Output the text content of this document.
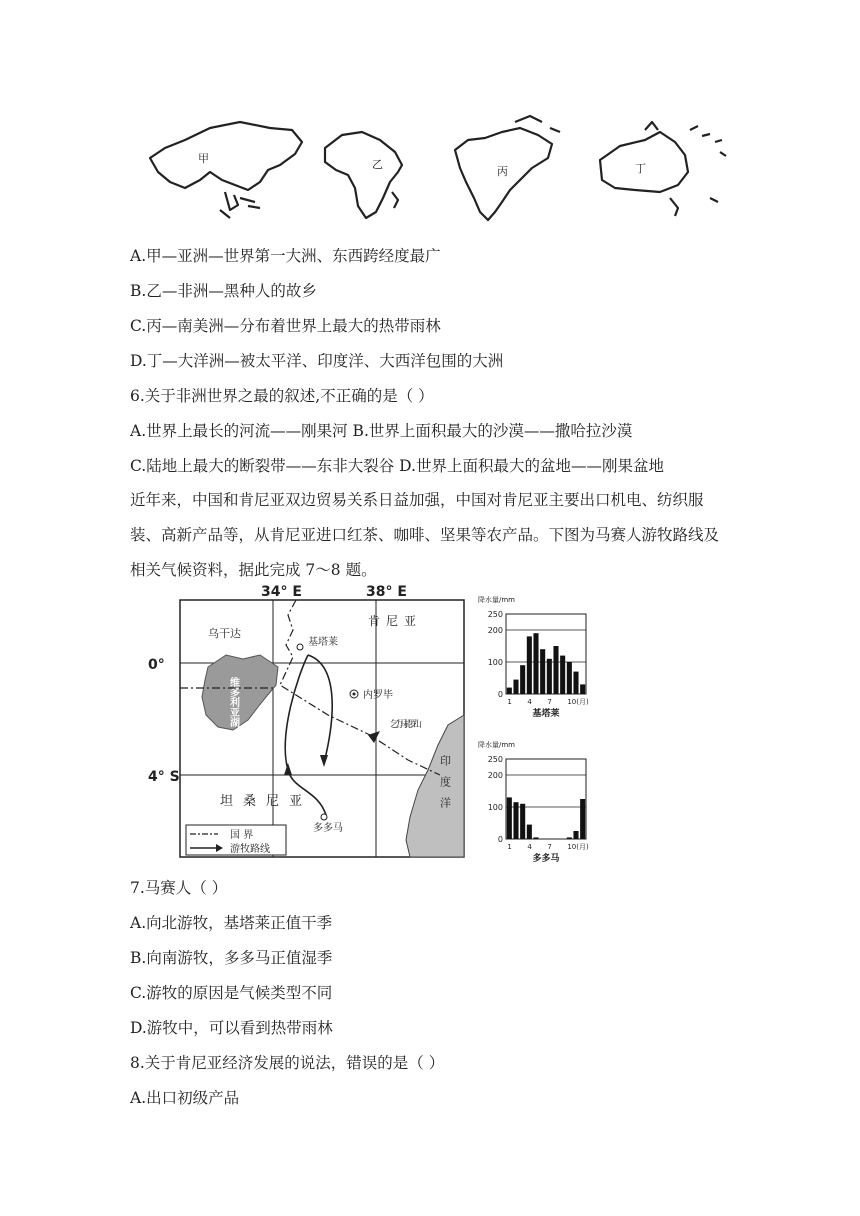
甲	乙
丙	丁
A.甲—亚洲—世界第一大洲、东西跨经度最广
B.乙—非洲—黑种人的故乡
C.丙—南美洲—分布着世界上最大的热带雨林
D.丁—大洋洲—被太平洋、印度洋、大西洋包围的大洲
6.关于非洲世界之最的叙述,不正确的是（ ）
A.世界上最长的河流——刚果河 B.世界上面积最大的沙漠——撒哈拉沙漠
C.陆地上最大的断裂带——东非大裂谷 D.世界上面积最大的盆地——刚果盆地
近年来，中国和肯尼亚双边贸易关系日益加强，中国对肯尼亚主要出口机电、纺织服装、高新产品等，从肯尼亚进口红茶、咖啡、坚果等农产品。下图为马赛人游牧路线及相关气候资料，据此完成 7～8 题。
34° E	38° E
0°
4° S
维多利亚湖
印度洋
乌干达
肯尼亚
基塔莱
内罗毕
乞力马扎罗山
坦桑尼亚
多多马
国 界
游牧路线
降水量/mm
250
200
100
0
1 4 7 10(月)
基塔莱
降水量/mm
250
200
100
0
1 4 7 10(月)
多多马
7.马赛人（ ）
A.向北游牧，基塔莱正值干季
B.向南游牧，多多马正值湿季
C.游牧的原因是气候类型不同
D.游牧中，可以看到热带雨林
8.关于肯尼亚经济发展的说法，错误的是（ ）
A.出口初级产品
